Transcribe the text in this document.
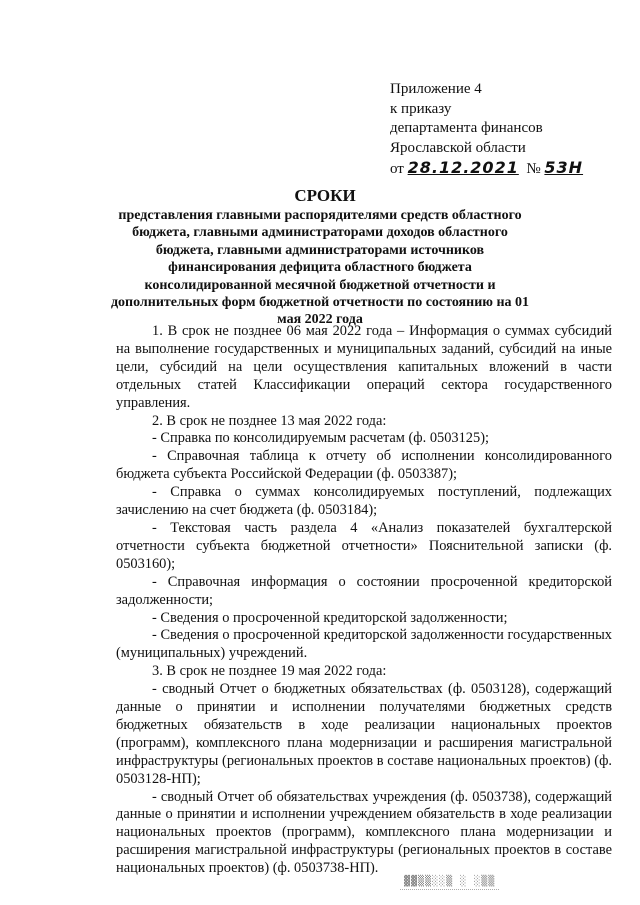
Приложение 4
к приказу
департамента финансов
Ярославской области
от 28.12.2021 № 53Н
СРОКИ
представления главными распорядителями средств областного бюджета, главными администраторами доходов областного бюджета, главными администраторами источников финансирования дефицита областного бюджета консолидированной месячной бюджетной отчетности и дополнительных форм бюджетной отчетности по состоянию на 01 мая 2022 года

1. В срок не позднее 06 мая 2022 года – Информация о суммах субсидий на выполнение государственных и муниципальных заданий, субсидий на иные цели, субсидий на цели осуществления капитальных вложений в части отдельных статей Классификации операций сектора государственного управления.

2. В срок не позднее 13 мая 2022 года:

- Справка по консолидируемым расчетам (ф. 0503125);

- Справочная таблица к отчету об исполнении консолидированного бюджета субъекта Российской Федерации (ф. 0503387);

- Справка о суммах консолидируемых поступлений, подлежащих зачислению на счет бюджета (ф. 0503184);

- Текстовая часть раздела 4 «Анализ показателей бухгалтерской отчетности субъекта бюджетной отчетности» Пояснительной записки (ф. 0503160);

- Справочная информация о состоянии просроченной кредиторской задолженности;

- Сведения о просроченной кредиторской задолженности;

- Сведения о просроченной кредиторской задолженности государственных (муниципальных) учреждений.

3. В срок не позднее 19 мая 2022 года:

- сводный Отчет о бюджетных обязательствах (ф. 0503128), содержащий данные о принятии и исполнении получателями бюджетных средств бюджетных обязательств в ходе реализации национальных проектов (программ), комплексного плана модернизации и расширения магистральной инфраструктуры (региональных проектов в составе национальных проектов) (ф. 0503128-НП);

- сводный Отчет об обязательствах учреждения (ф. 0503738), содержащий данные о принятии и исполнении учреждением обязательств в ходе реализации национальных проектов (программ), комплексного плана модернизации и расширения магистральной инфраструктуры (региональных проектов в составе национальных проектов) (ф. 0503738-НП).

▓▓▒▒░░▒ ░ ░▒▒
